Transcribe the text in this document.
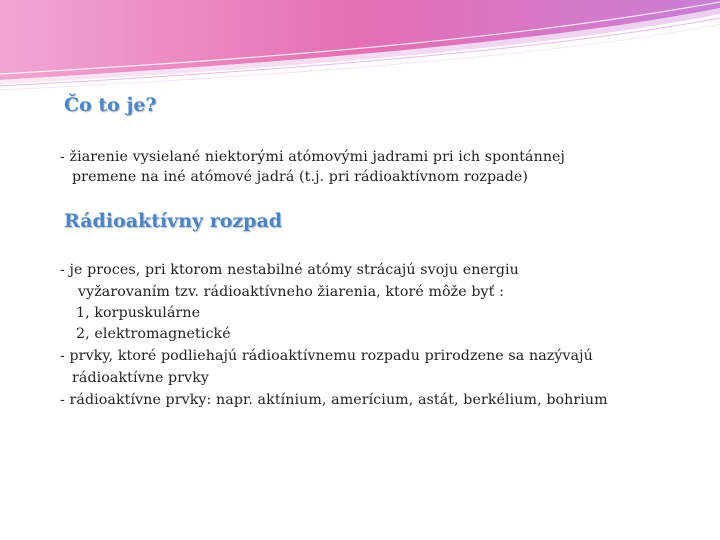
Čo to je?
- žiarenie vysielané niektorými atómovými jadrami pri ich spontánnej
premene na iné atómové jadrá (t.j. pri rádioaktívnom rozpade)
Rádioaktívny rozpad
- je proces, pri ktorom nestabilné atómy strácajú svoju energiu
vyžarovaním tzv. rádioaktívneho žiarenia, ktoré môže byť :
1, korpuskulárne
2, elektromagnetické
- prvky, ktoré podliehajú rádioaktívnemu rozpadu prirodzene sa nazývajú
rádioaktívne prvky
- rádioaktívne prvky: napr. aktínium, amerícium, astát, berkélium, bohrium
